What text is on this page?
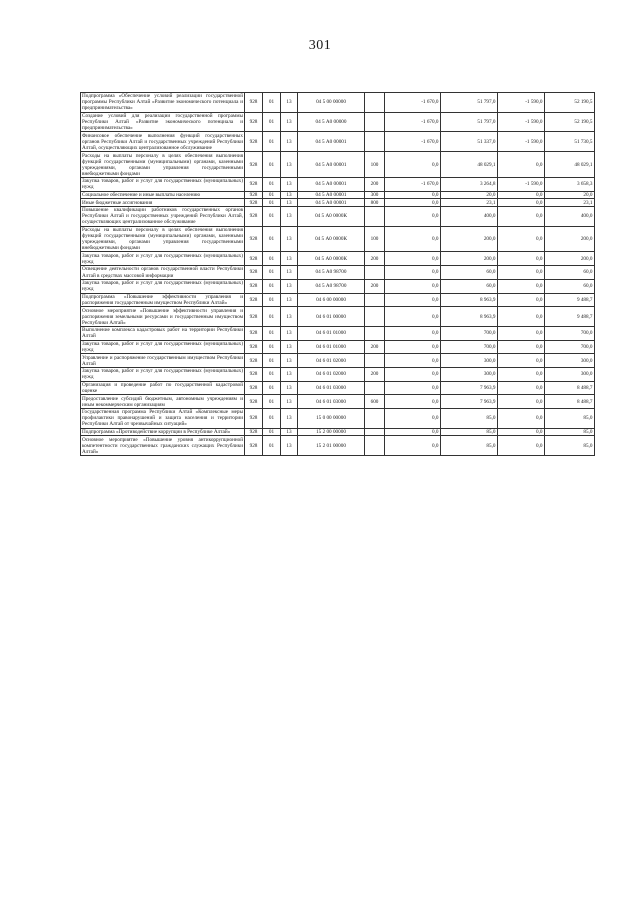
301
Подпрограмма «Обеспечение условий реализации государственной программы Республики Алтай «Развитие экономического потенциала и предпринимательства»	928	01	13	04 5 00 00000		-1 670,0	51 797,0	-1 590,0	52 190,5
Создание условий для реализации государственной программы Республики Алтай «Развитие экономического потенциала и предпринимательства»	928	01	13	04 5 А0 00000		-1 670,0	51 797,0	-1 590,0	52 190,5
Финансовое обеспечение выполнения функций государственных органов Республики Алтай и государственных учреждений Республики Алтай, осуществляющих централизованное обслуживание	928	01	13	04 5 А0 00001		-1 670,0	51 337,0	-1 590,0	51 730,5
Расходы на выплаты персоналу в целях обеспечения выполнения функций государственными (муниципальными) органами, казенными учреждениями, органами управления государственными внебюджетными фондами	928	01	13	04 5 А0 00001	100	0,0	48 029,1	0,0	48 029,1
Закупка товаров, работ и услуг для государственных (муниципальных) нужд	928	01	13	04 5 А0 00001	200	-1 670,0	3 264,8	-1 590,0	3 658,3
Социальное обеспечение и иные выплаты населению	928	01	13	04 5 А0 00001	300	0,0	20,0	0,0	20,0
Иные бюджетные ассигнования	928	01	13	04 5 А0 00001	800	0,0	23,1	0,0	23,1
Повышение квалификации работников государственных органов Республики Алтай и государственных учреждений Республики Алтай, осуществляющих централизованное обслуживание	928	01	13	04 5 А0 0000К		0,0	400,0	0,0	400,0
Расходы на выплаты персоналу в целях обеспечения выполнения функций государственными (муниципальными) органами, казенными учреждениями, органами управления государственными внебюджетными фондами	928	01	13	04 5 А0 0000К	100	0,0	200,0	0,0	200,0
Закупка товаров, работ и услуг для государственных (муниципальных) нужд	928	01	13	04 5 А0 0000К	200	0,0	200,0	0,0	200,0
Освещение деятельности органов государственной власти Республики Алтай в средствах массовой информации	928	01	13	04 5 А0 98700		0,0	60,0	0,0	60,0
Закупка товаров, работ и услуг для государственных (муниципальных) нужд	928	01	13	04 5 А0 98700	200	0,0	60,0	0,0	60,0
Подпрограмма «Повышение эффективности управления и распоряжения государственным имуществом Республики Алтай»	928	01	13	04 6 00 00000		0,0	8 963,9	0,0	9 488,7
Основное мероприятие «Повышение эффективности управления и распоряжения земельными ресурсами и государственным имуществом Республики Алтай»	928	01	13	04 6 01 00000		0,0	8 963,9	0,0	9 488,7
Выполнение комплекса кадастровых работ на территории Республики Алтай	928	01	13	04 6 01 01000		0,0	700,0	0,0	700,0
Закупка товаров, работ и услуг для государственных (муниципальных) нужд	928	01	13	04 6 01 01000	200	0,0	700,0	0,0	700,0
Управление и распоряжение государственным имуществом Республики Алтай	928	01	13	04 6 01 02000		0,0	300,0	0,0	300,0
Закупка товаров, работ и услуг для государственных (муниципальных) нужд	928	01	13	04 6 01 02000	200	0,0	300,0	0,0	300,0
Организация и проведение работ по государственной кадастровой оценке	928	01	13	04 6 01 03000		0,0	7 963,9	0,0	8 488,7
Предоставление субсидий бюджетным, автономным учреждениям и иным некоммерческим организациям	928	01	13	04 6 01 03000	600	0,0	7 963,9	0,0	8 488,7
Государственная программа Республики Алтай «Комплексные меры профилактики правонарушений и защита населения и территории Республики Алтай от чрезвычайных ситуаций»	928	01	13	15 0 00 00000		0,0	85,0	0,0	85,0
Подпрограмма «Противодействие коррупции в Республике Алтай»	928	01	13	15 2 00 00000		0,0	85,0	0,0	85,0
Основное мероприятие «Повышение уровня антикоррупционной компетентности государственных гражданских служащих Республики Алтай»	928	01	13	15 2 01 00000		0,0	85,0	0,0	85,0
